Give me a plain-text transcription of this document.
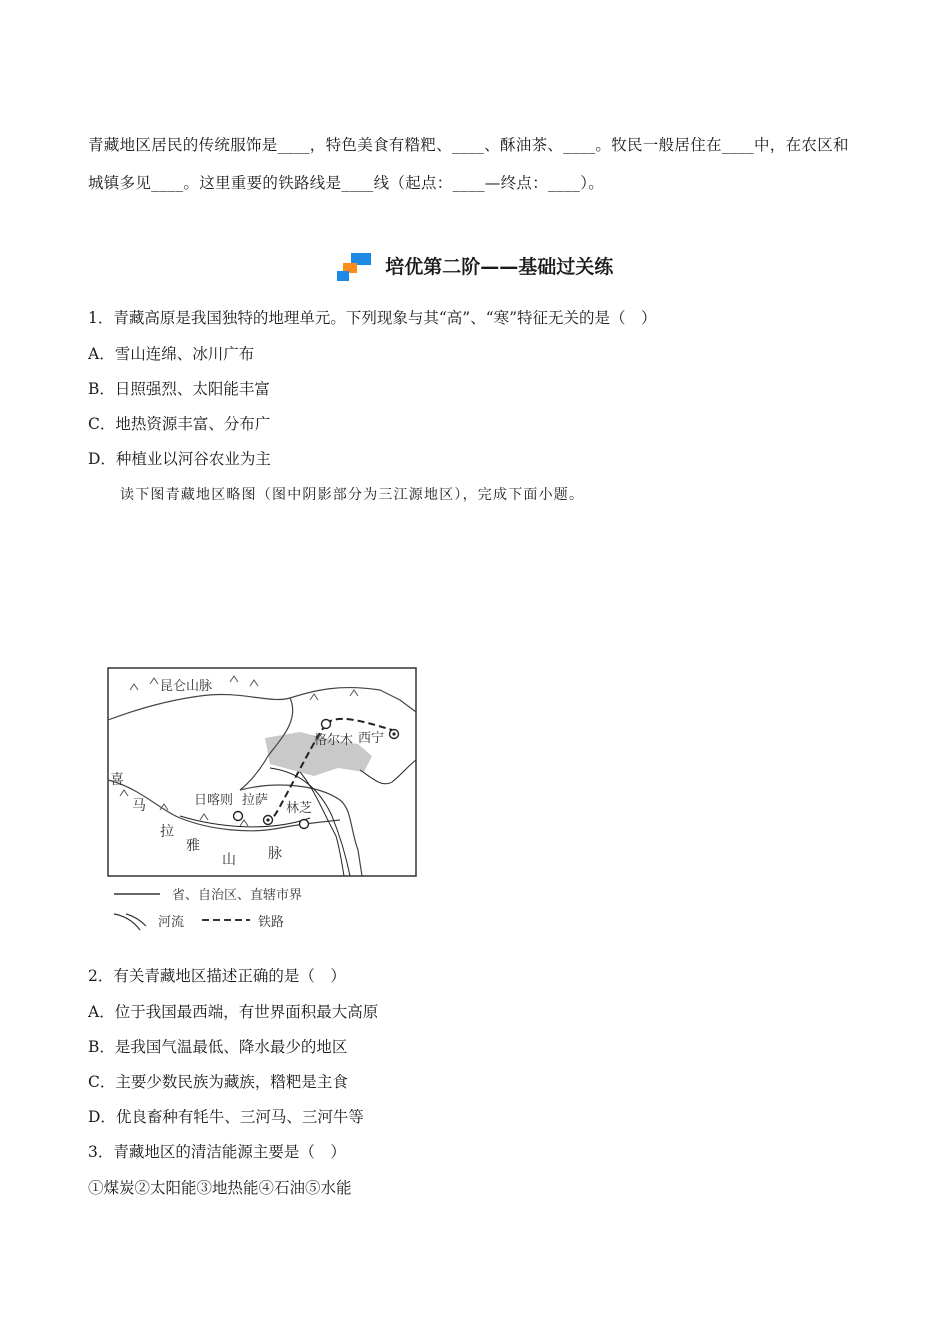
青藏地区居民的传统服饰是____，特色美食有糌粑、____、酥油茶、____。牧民一般居住在____中，在农区和城镇多见____。这里重要的铁路线是____线（起点：____—终点：____）。
培优第二阶——基础过关练
1．青藏高原是我国独特的地理单元。下列现象与其“高”、“寒”特征无关的是（　）
A．雪山连绵、冰川广布
B．日照强烈、太阳能丰富
C．地热资源丰富、分布广
D．种植业以河谷农业为主
读下图青藏地区略图（图中阴影部分为三江源地区），完成下面小题。
昆仑山脉
格尔木 西宁
日喀则 拉萨
林芝
喜
马
拉
雅
山 脉
省、自治区、直辖市界
河流	铁路
2．有关青藏地区描述正确的是（　）
A．位于我国最西端，有世界面积最大高原
B．是我国气温最低、降水最少的地区
C．主要少数民族为藏族，糌粑是主食
D．优良畜种有牦牛、三河马、三河牛等
3．青藏地区的清洁能源主要是（　）
①煤炭②太阳能③地热能④石油⑤水能
